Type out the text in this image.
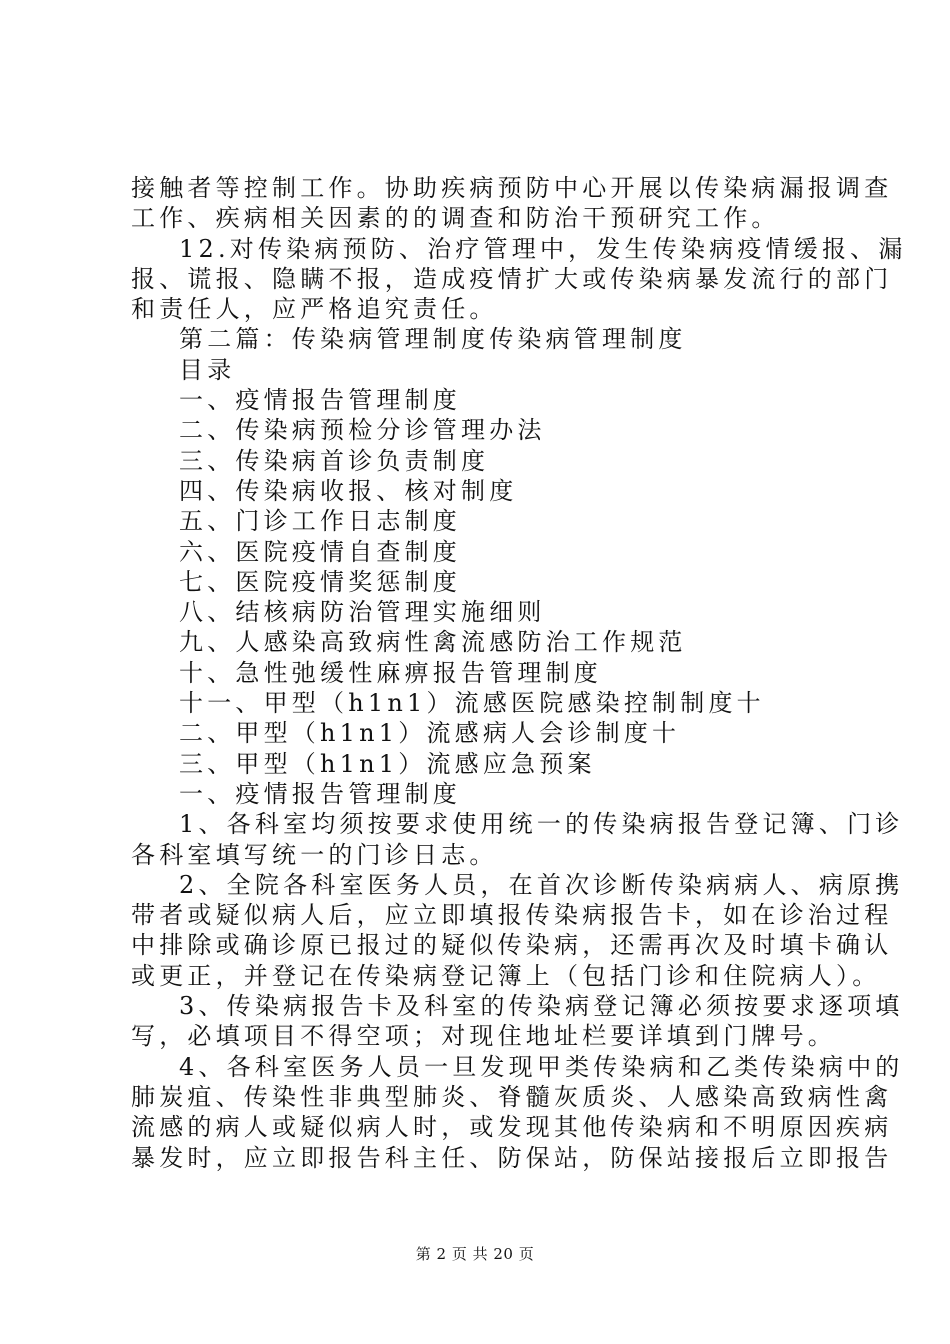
接触者等控制工作。协助疾病预防中心开展以传染病漏报调查
工作、疾病相关因素的的调查和防治干预研究工作。
12.对传染病预防、治疗管理中，发生传染病疫情缓报、漏
报、谎报、隐瞒不报，造成疫情扩大或传染病暴发流行的部门
和责任人，应严格追究责任。
第二篇：传染病管理制度传染病管理制度
目录
一、疫情报告管理制度
二、传染病预检分诊管理办法
三、传染病首诊负责制度
四、传染病收报、核对制度
五、门诊工作日志制度
六、医院疫情自查制度
七、医院疫情奖惩制度
八、结核病防治管理实施细则
九、人感染高致病性禽流感防治工作规范
十、急性弛缓性麻痹报告管理制度
十一、甲型（h1n1）流感医院感染控制制度十
二、甲型（h1n1）流感病人会诊制度十
三、甲型（h1n1）流感应急预案
一、疫情报告管理制度
1、各科室均须按要求使用统一的传染病报告登记簿、门诊
各科室填写统一的门诊日志。
2、全院各科室医务人员，在首次诊断传染病病人、病原携
带者或疑似病人后，应立即填报传染病报告卡，如在诊治过程
中排除或确诊原已报过的疑似传染病，还需再次及时填卡确认
或更正，并登记在传染病登记簿上（包括门诊和住院病人）。
3、传染病报告卡及科室的传染病登记簿必须按要求逐项填
写，必填项目不得空项；对现住地址栏要详填到门牌号。
4、各科室医务人员一旦发现甲类传染病和乙类传染病中的
肺炭疽、传染性非典型肺炎、脊髓灰质炎、人感染高致病性禽
流感的病人或疑似病人时，或发现其他传染病和不明原因疾病
暴发时，应立即报告科主任、防保站，防保站接报后立即报告
第 2 页 共 20 页
